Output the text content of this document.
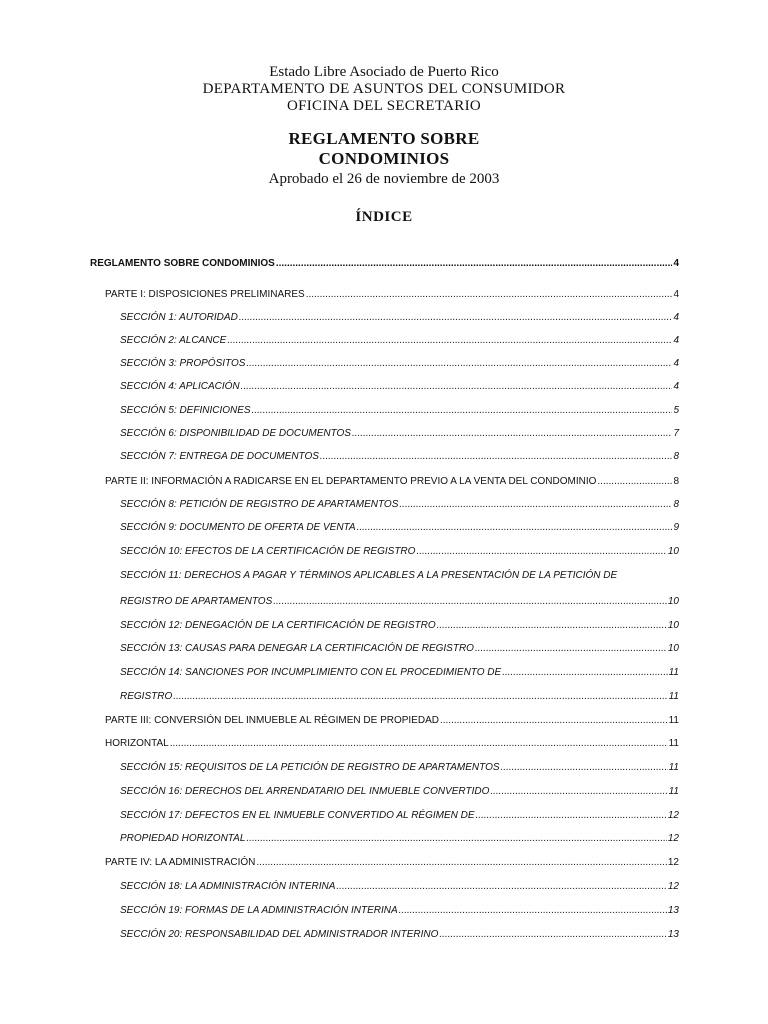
Estado Libre Asociado de Puerto Rico
DEPARTAMENTO DE ASUNTOS DEL CONSUMIDOR
OFICINA DEL SECRETARIO
REGLAMENTO SOBRE
CONDOMINIOS
Aprobado el 26 de noviembre de 2003
ÍNDICE
REGLAMENTO SOBRE CONDOMINIOS .....	4
PARTE I: DISPOSICIONES PRELIMINARES .....	4
SECCIÓN 1: AUTORIDAD .....	4
SECCIÓN 2: ALCANCE .....	4
SECCIÓN 3: PROPÓSITOS .....	4
SECCIÓN 4: APLICACIÓN .....	4
SECCIÓN 5: DEFINICIONES .....	5
SECCIÓN 6: DISPONIBILIDAD DE DOCUMENTOS .....	7
SECCIÓN 7: ENTREGA DE DOCUMENTOS .....	8
PARTE II: INFORMACIÓN A RADICARSE EN EL DEPARTAMENTO PREVIO A LA VENTA DEL CONDOMINIO .....	8
SECCIÓN 8: PETICIÓN DE REGISTRO DE APARTAMENTOS .....	8
SECCIÓN 9: DOCUMENTO DE OFERTA DE VENTA .....	9
SECCIÓN 10: EFECTOS DE LA CERTIFICACIÓN DE REGISTRO .....	10
SECCIÓN 11: DERECHOS A PAGAR Y TÉRMINOS APLICABLES A LA PRESENTACIÓN DE LA PETICIÓN DE
REGISTRO DE APARTAMENTOS .....	10
SECCIÓN 12: DENEGACIÓN DE LA CERTIFICACIÓN DE REGISTRO .....	10
SECCIÓN 13: CAUSAS PARA DENEGAR LA CERTIFICACIÓN DE REGISTRO .....	10
SECCIÓN 14: SANCIONES POR INCUMPLIMIENTO CON EL PROCEDIMIENTO DE .....	11
REGISTRO .....	11
PARTE III: CONVERSIÓN DEL INMUEBLE AL RÉGIMEN DE PROPIEDAD .....	11
HORIZONTAL .....	11
SECCIÓN 15: REQUISITOS DE LA PETICIÓN DE REGISTRO DE APARTAMENTOS .....	11
SECCIÓN 16: DERECHOS DEL ARRENDATARIO DEL INMUEBLE CONVERTIDO .....	11
SECCIÓN 17: DEFECTOS EN EL INMUEBLE CONVERTIDO AL RÉGIMEN DE .....	12
PROPIEDAD HORIZONTAL .....	12
PARTE IV: LA ADMINISTRACIÓN .....	12
SECCIÓN 18: LA ADMINISTRACIÓN INTERINA .....	12
SECCIÓN 19: FORMAS DE LA ADMINISTRACIÓN INTERINA .....	13
SECCIÓN 20: RESPONSABILIDAD DEL ADMINISTRADOR INTERINO .....	13
